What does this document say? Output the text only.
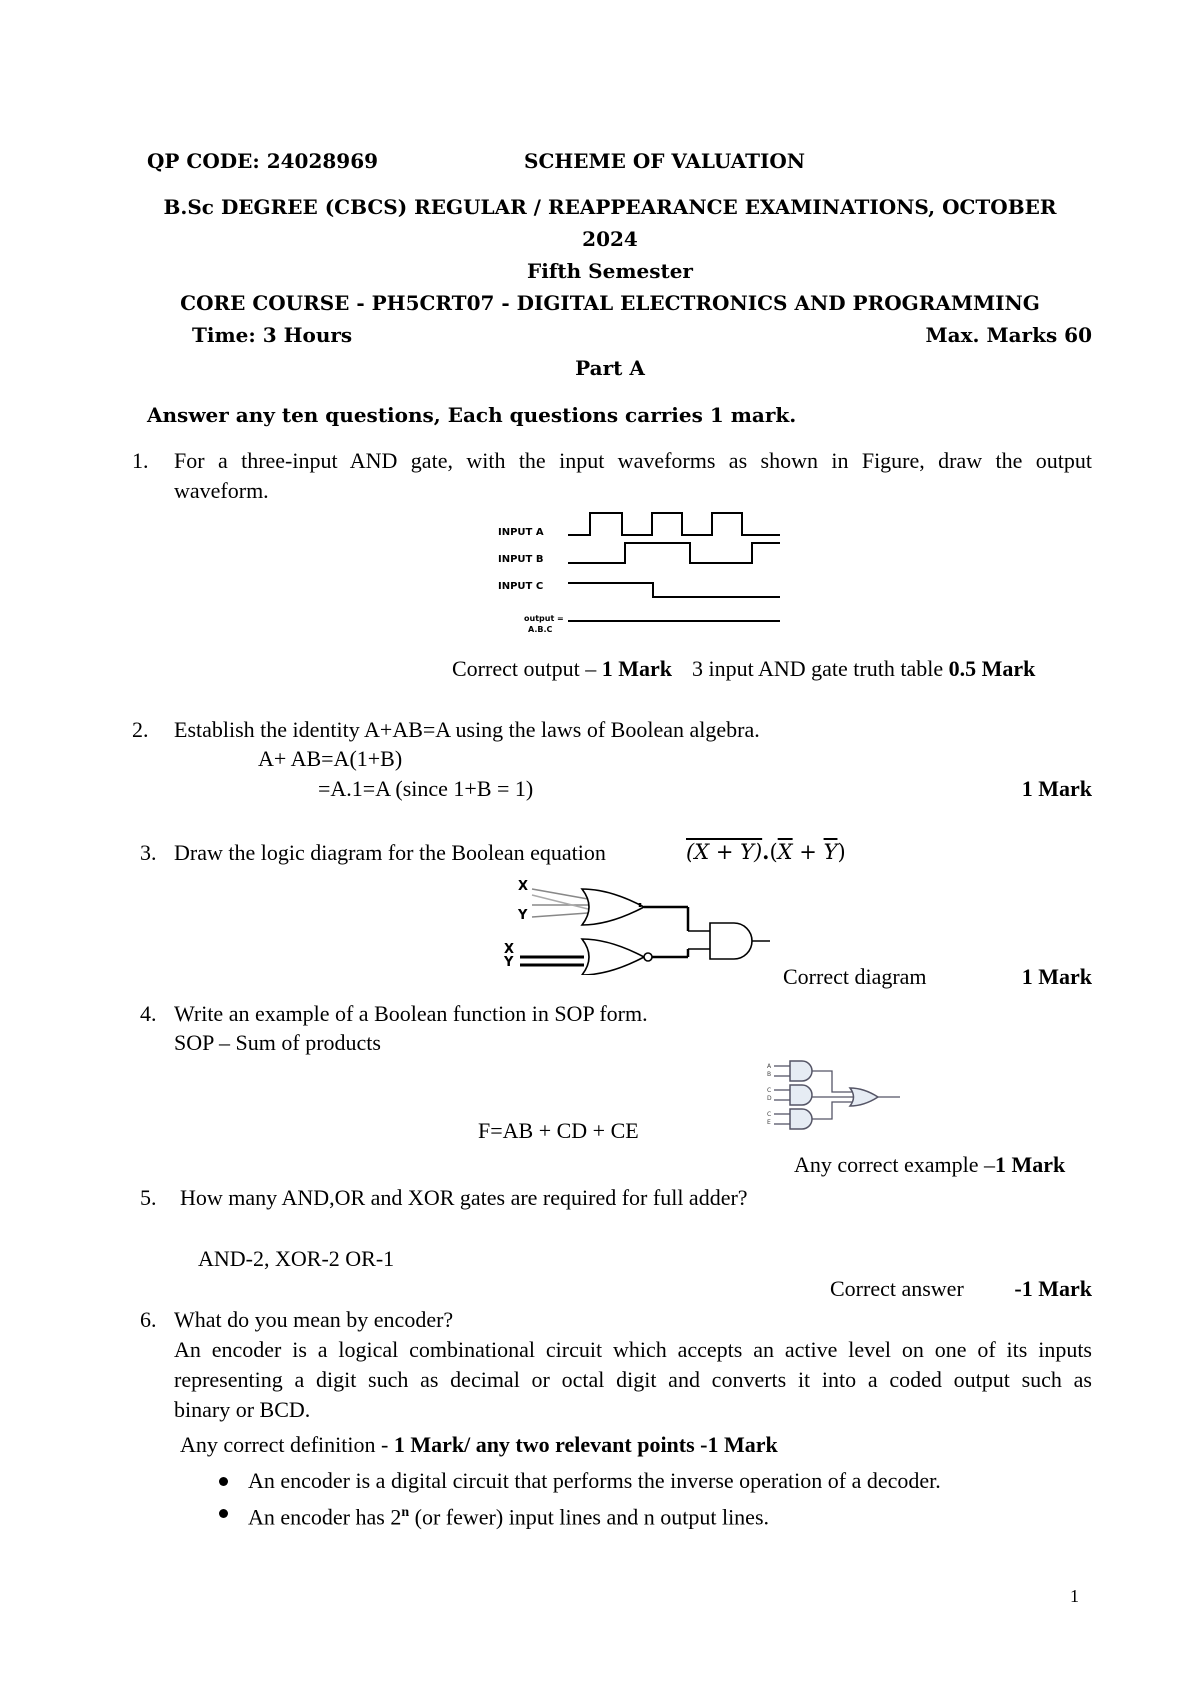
QP CODE: 24028969	SCHEME OF VALUATION
B.Sc DEGREE (CBCS) REGULAR / REAPPEARANCE EXAMINATIONS, OCTOBER
2024
Fifth Semester
CORE COURSE - PH5CRT07 - DIGITAL ELECTRONICS AND PROGRAMMING
Time: 3 Hours	Max. Marks 60
Part A
Answer any ten questions, Each questions carries 1 mark.
1. For a three-input AND gate, with the input waveforms as shown in Figure, draw the output
waveform.
INPUT A
INPUT B
INPUT C
output =
A.B.C
Correct output – 1 Mark 3 input AND gate truth table 0.5 Mark
2. Establish the identity A+AB=A using the laws of Boolean algebra.
A+ AB=A(1+B)
=A.1=A (since 1+B = 1)	1 Mark
3. Draw the logic diagram for the Boolean equation	$(X + Y).(\overline{X} + \overline{Y})$
X
Y
X
Y
Correct diagram	1 Mark
4. Write an example of a Boolean function in SOP form.
SOP – Sum of products
A
B
C
D
C
E
F=AB + CD + CE
Any correct example –1 Mark
5. How many AND,OR and XOR gates are required for full adder?
AND-2, XOR-2 OR-1
Correct answer	-1 Mark
6. What do you mean by encoder?
An encoder is a logical combinational circuit which accepts an active level on one of its inputs
representing a digit such as decimal or octal digit and converts it into a coded output such as
binary or BCD.
Any correct definition - 1 Mark/ any two relevant points -1 Mark
An encoder is a digital circuit that performs the inverse operation of a decoder.
An encoder has 2$^n$ (or fewer) input lines and n output lines.
1
